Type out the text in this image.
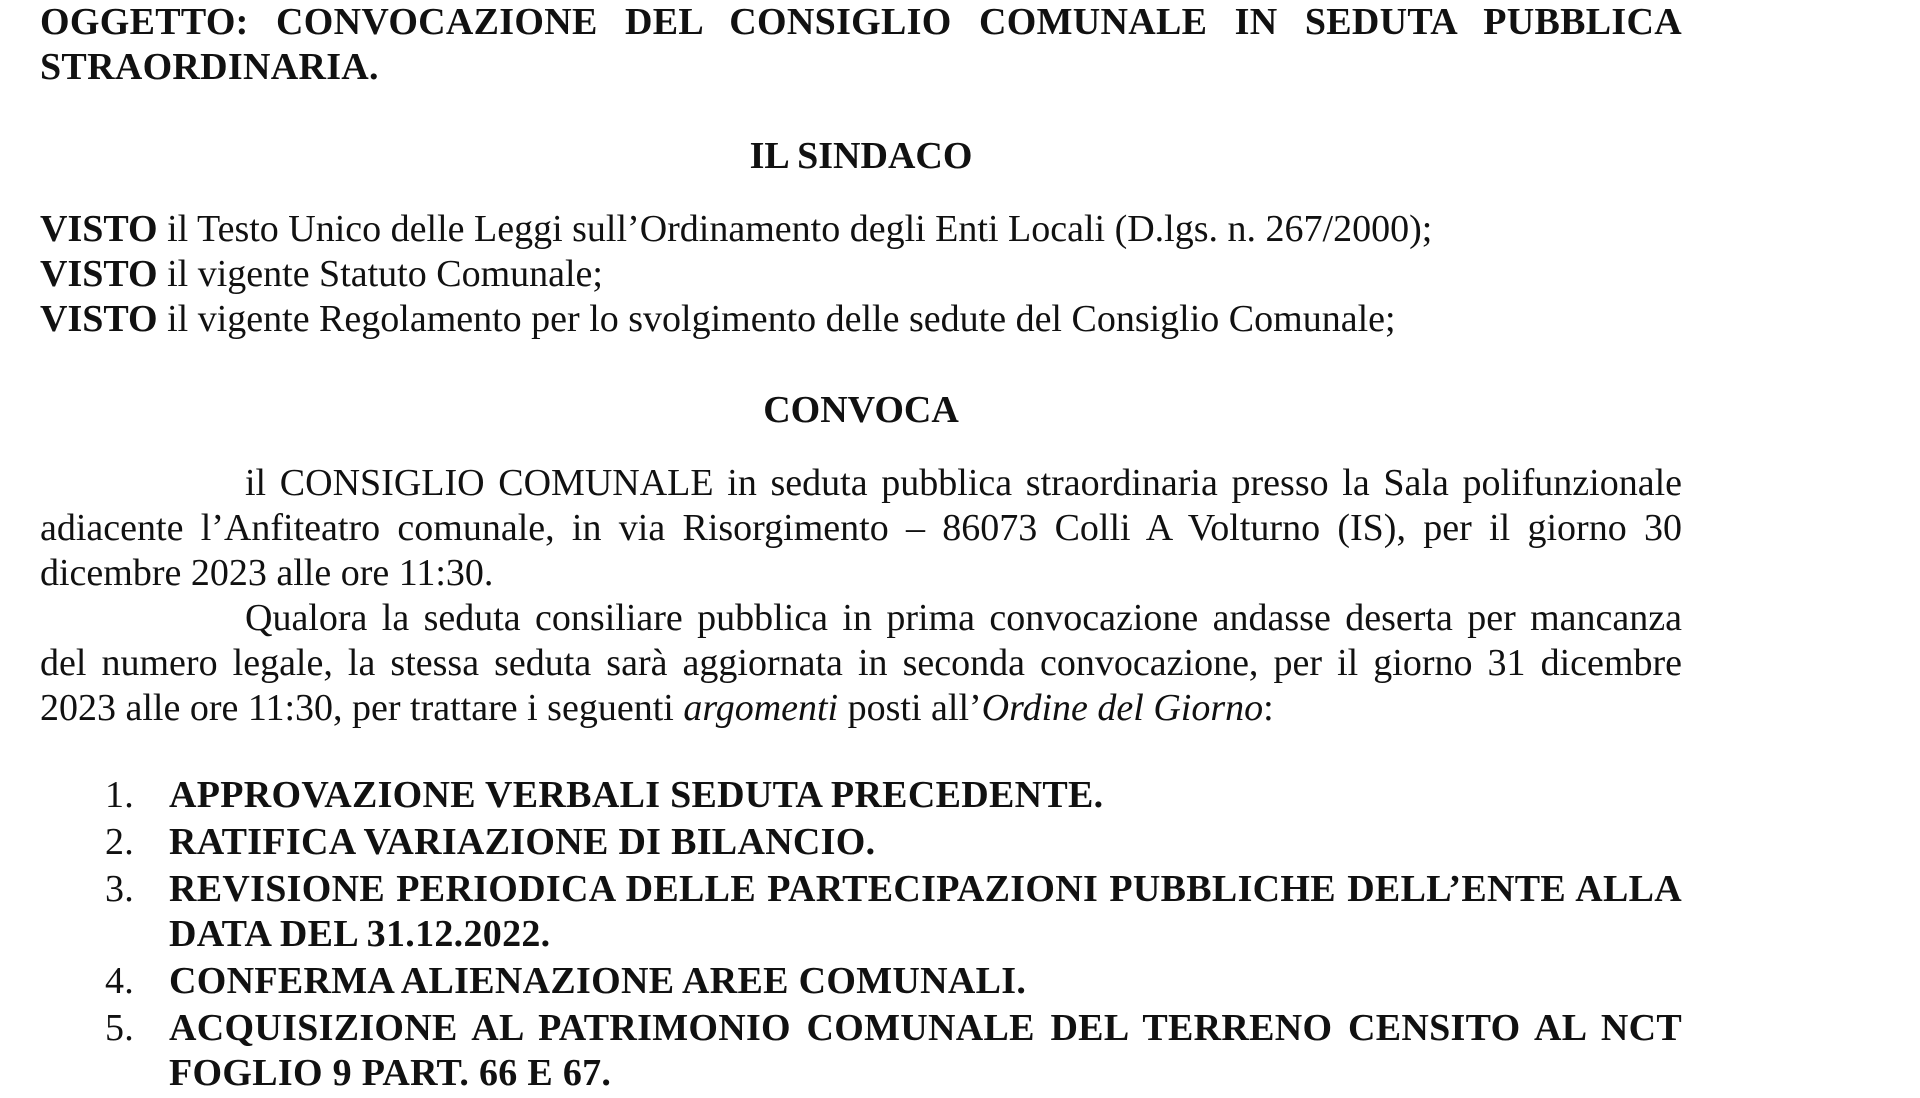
OGGETTO: CONVOCAZIONE DEL CONSIGLIO COMUNALE IN SEDUTA PUBBLICA STRAORDINARIA.
IL SINDACO
VISTO il Testo Unico delle Leggi sull’Ordinamento degli Enti Locali (D.lgs. n. 267/2000);
VISTO il vigente Statuto Comunale;
VISTO il vigente Regolamento per lo svolgimento delle sedute del Consiglio Comunale;
CONVOCA
il CONSIGLIO COMUNALE in seduta pubblica straordinaria presso la Sala polifunzionale adiacente l’Anfiteatro comunale, in via Risorgimento – 86073 Colli A Volturno (IS), per il giorno 30 dicembre 2023 alle ore 11:30.
Qualora la seduta consiliare pubblica in prima convocazione andasse deserta per mancanza del numero legale, la stessa seduta sarà aggiornata in seconda convocazione, per il giorno 31 dicembre 2023 alle ore 11:30, per trattare i seguenti argomenti posti all’Ordine del Giorno:
1. APPROVAZIONE VERBALI SEDUTA PRECEDENTE.
2. RATIFICA VARIAZIONE DI BILANCIO.
3. REVISIONE PERIODICA DELLE PARTECIPAZIONI PUBBLICHE DELL’ENTE ALLA DATA DEL 31.12.2022.
4. CONFERMA ALIENAZIONE AREE COMUNALI.
5. ACQUISIZIONE AL PATRIMONIO COMUNALE DEL TERRENO CENSITO AL NCT FOGLIO 9 PART. 66 E 67.
